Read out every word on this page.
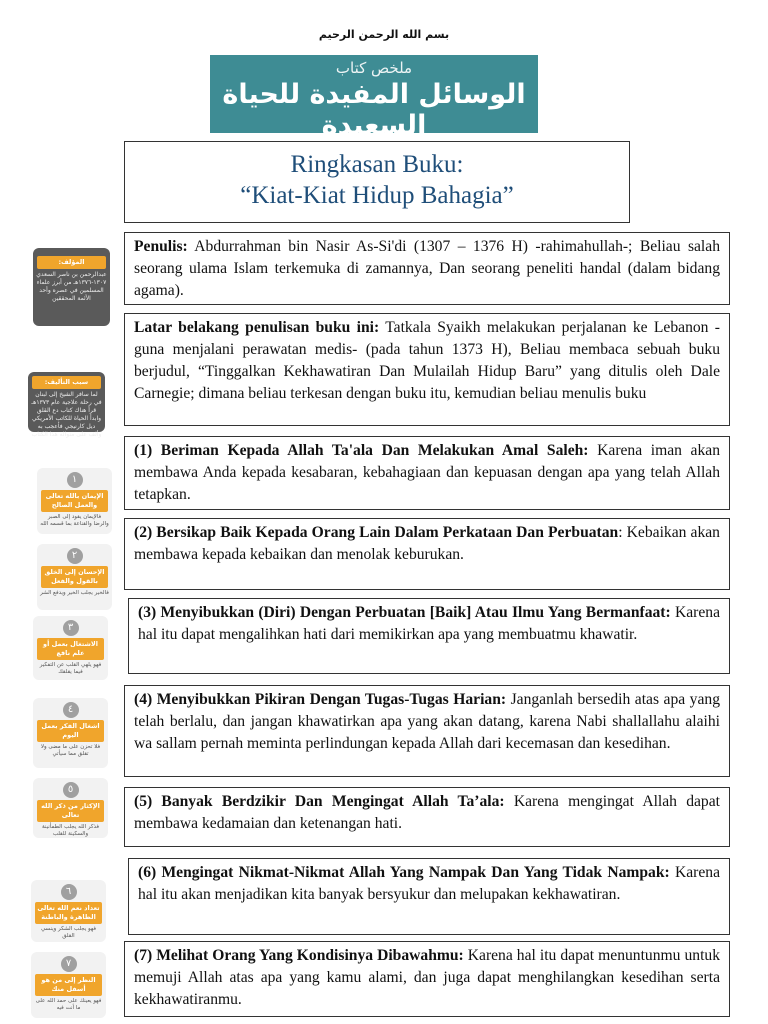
بسم الله الرحمن الرحيم
ملخص كتاب
الوسائل المفيدة للحياة السعيدة
Ringkasan Buku:
“Kiat-Kiat Hidup Bahagia”
المؤلف:
عبدالرحمن بن ناصر السعدي ١٣٠٧-١٣٧٦هـ من أبرز علماء المسلمين في عصره وأحد الأئمة المحققين
سبب التأليف:
لما سافر الشيخ إلى لبنان في رحلة علاجية عام ١٣٧٣هـ قرأ هناك كتاب دع القلق وابدأ الحياة للكاتب الأمريكي ديل كارنيجي فأعجب به وألف على منواله هذا الكتاب
١
الإيمان بالله تعالى والعمل الصالح
فالإيمان يقود إلى الصبر والرضا والقناعة بما قسمه الله
٢
الإحسان إلى الخلق بالقول والفعل
فالخير يجلب الخير ويدفع الشر
٣
الاشتغال بعمل أو علم نافع
فهو يلهي القلب عن التفكير فيما يقلقك
٤
اشغال الفكر بعمل اليوم
فلا تحزن على ما مضى ولا تقلق مما سيأتي
٥
الإكثار من ذكر الله تعالى
فذكر الله يجلب الطمأنينة والسكينة للقلب
٦
تعداد نعم الله تعالى الظاهرة والباطنة
فهو يجلب الشكر وينسي القلق
٧
النظر إلى من هو أسفل منك
فهو يعينك على حمد الله على ما أنت فيه
Penulis: Abdurrahman bin Nasir As-Si'di (1307 – 1376 H) -rahimahullah-; Beliau salah seorang ulama Islam terkemuka di zamannya, Dan seorang peneliti handal (dalam bidang agama).
Latar belakang penulisan buku ini: Tatkala Syaikh melakukan perjalanan ke Lebanon -guna menjalani perawatan medis- (pada tahun 1373 H), Beliau membaca sebuah buku berjudul, “Tinggalkan Kekhawatiran Dan Mulailah Hidup Baru” yang ditulis oleh Dale Carnegie; dimana beliau terkesan dengan buku itu, kemudian beliau menulis buku
(1) Beriman Kepada Allah Ta'ala Dan Melakukan Amal Saleh: Karena iman akan membawa Anda kepada kesabaran, kebahagiaan dan kepuasan dengan apa yang telah Allah tetapkan.
(2) Bersikap Baik Kepada Orang Lain Dalam Perkataan Dan Perbuatan: Kebaikan akan membawa kepada kebaikan dan menolak keburukan.
(3) Menyibukkan (Diri) Dengan Perbuatan [Baik] Atau Ilmu Yang Bermanfaat: Karena hal itu dapat mengalihkan hati dari memikirkan apa yang membuatmu khawatir.
(4) Menyibukkan Pikiran Dengan Tugas-Tugas Harian: Janganlah bersedih atas apa yang telah berlalu, dan jangan khawatirkan apa yang akan datang, karena Nabi shallallahu alaihi wa sallam pernah meminta perlindungan kepada Allah dari kecemasan dan kesedihan.
(5) Banyak Berdzikir Dan Mengingat Allah Ta’ala: Karena mengingat Allah dapat membawa kedamaian dan ketenangan hati.
(6) Mengingat Nikmat-Nikmat Allah Yang Nampak Dan Yang Tidak Nampak: Karena hal itu akan menjadikan kita banyak bersyukur dan melupakan kekhawatiran.
(7) Melihat Orang Yang Kondisinya Dibawahmu: Karena hal itu dapat menuntunmu untuk memuji Allah atas apa yang kamu alami, dan juga dapat menghilangkan kesedihan serta kekhawatiranmu.
